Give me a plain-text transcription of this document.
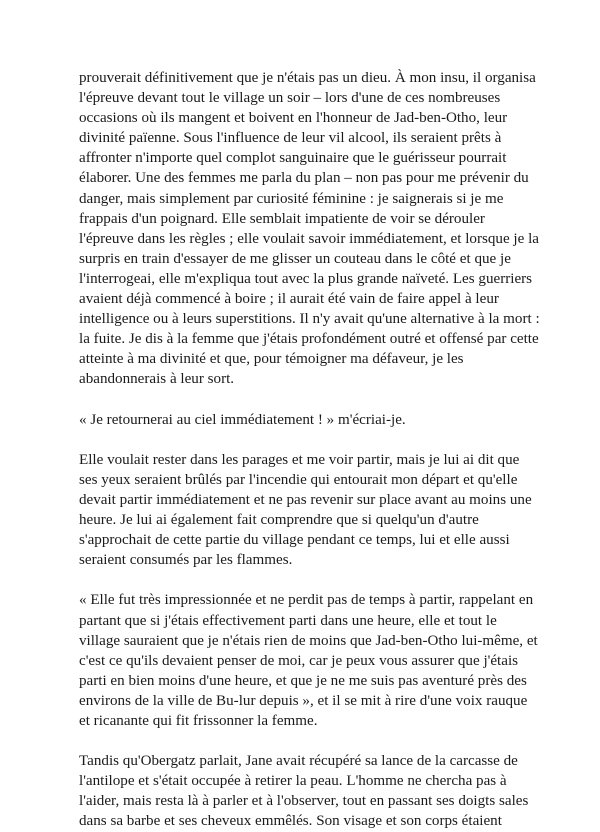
prouverait définitivement que je n'étais pas un dieu. À mon insu, il organisa
l'épreuve devant tout le village un soir – lors d'une de ces nombreuses
occasions où ils mangent et boivent en l'honneur de Jad-ben-Otho, leur
divinité païenne. Sous l'influence de leur vil alcool, ils seraient prêts à
affronter n'importe quel complot sanguinaire que le guérisseur pourrait
élaborer. Une des femmes me parla du plan – non pas pour me prévenir du
danger, mais simplement par curiosité féminine : je saignerais si je me
frappais d'un poignard. Elle semblait impatiente de voir se dérouler
l'épreuve dans les règles ; elle voulait savoir immédiatement, et lorsque je la
surpris en train d'essayer de me glisser un couteau dans le côté et que je
l'interrogeai, elle m'expliqua tout avec la plus grande naïveté. Les guerriers
avaient déjà commencé à boire ; il aurait été vain de faire appel à leur
intelligence ou à leurs superstitions. Il n'y avait qu'une alternative à la mort :
la fuite. Je dis à la femme que j'étais profondément outré et offensé par cette
atteinte à ma divinité et que, pour témoigner ma défaveur, je les
abandonnerais à leur sort.

« Je retournerai au ciel immédiatement ! » m'écriai-je.

Elle voulait rester dans les parages et me voir partir, mais je lui ai dit que
ses yeux seraient brûlés par l'incendie qui entourait mon départ et qu'elle
devait partir immédiatement et ne pas revenir sur place avant au moins une
heure. Je lui ai également fait comprendre que si quelqu'un d'autre
s'approchait de cette partie du village pendant ce temps, lui et elle aussi
seraient consumés par les flammes.

« Elle fut très impressionnée et ne perdit pas de temps à partir, rappelant en
partant que si j'étais effectivement parti dans une heure, elle et tout le
village sauraient que je n'étais rien de moins que Jad-ben-Otho lui-même, et
c'est ce qu'ils devaient penser de moi, car je peux vous assurer que j'étais
parti en bien moins d'une heure, et que je ne me suis pas aventuré près des
environs de la ville de Bu-lur depuis », et il se mit à rire d'une voix rauque
et ricanante qui fit frissonner la femme.

Tandis qu'Obergatz parlait, Jane avait récupéré sa lance de la carcasse de
l'antilope et s'était occupée à retirer la peau. L'homme ne chercha pas à
l'aider, mais resta là à parler et à l'observer, tout en passant ses doigts sales
dans sa barbe et ses cheveux emmêlés. Son visage et son corps étaient
